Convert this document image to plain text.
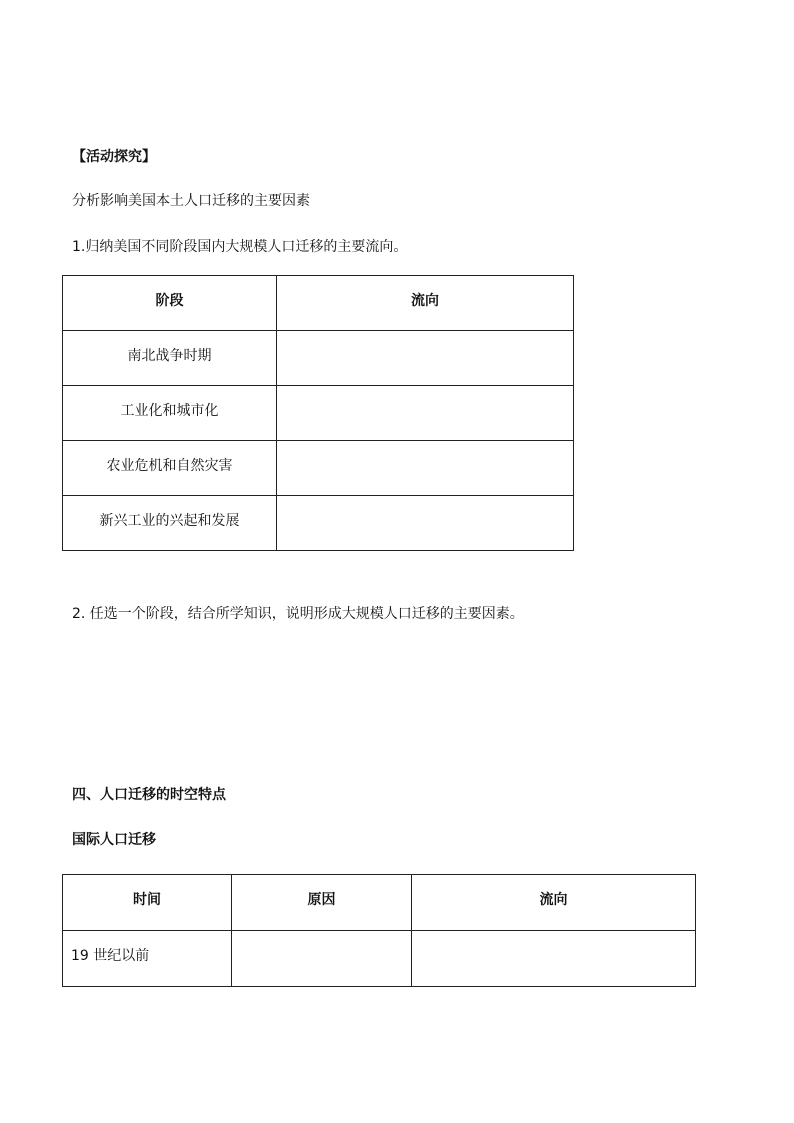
【活动探究】
分析影响美国本土人口迁移的主要因素
1.归纳美国不同阶段国内大规模人口迁移的主要流向。
阶段	流向

南北战争时期	

工业化和城市化	

农业危机和自然灾害	

新兴工业的兴起和发展	

2. 任选一个阶段，结合所学知识，说明形成大规模人口迁移的主要因素。
四、人口迁移的时空特点
国际人口迁移
时间	原因	流向

19 世纪以前		
